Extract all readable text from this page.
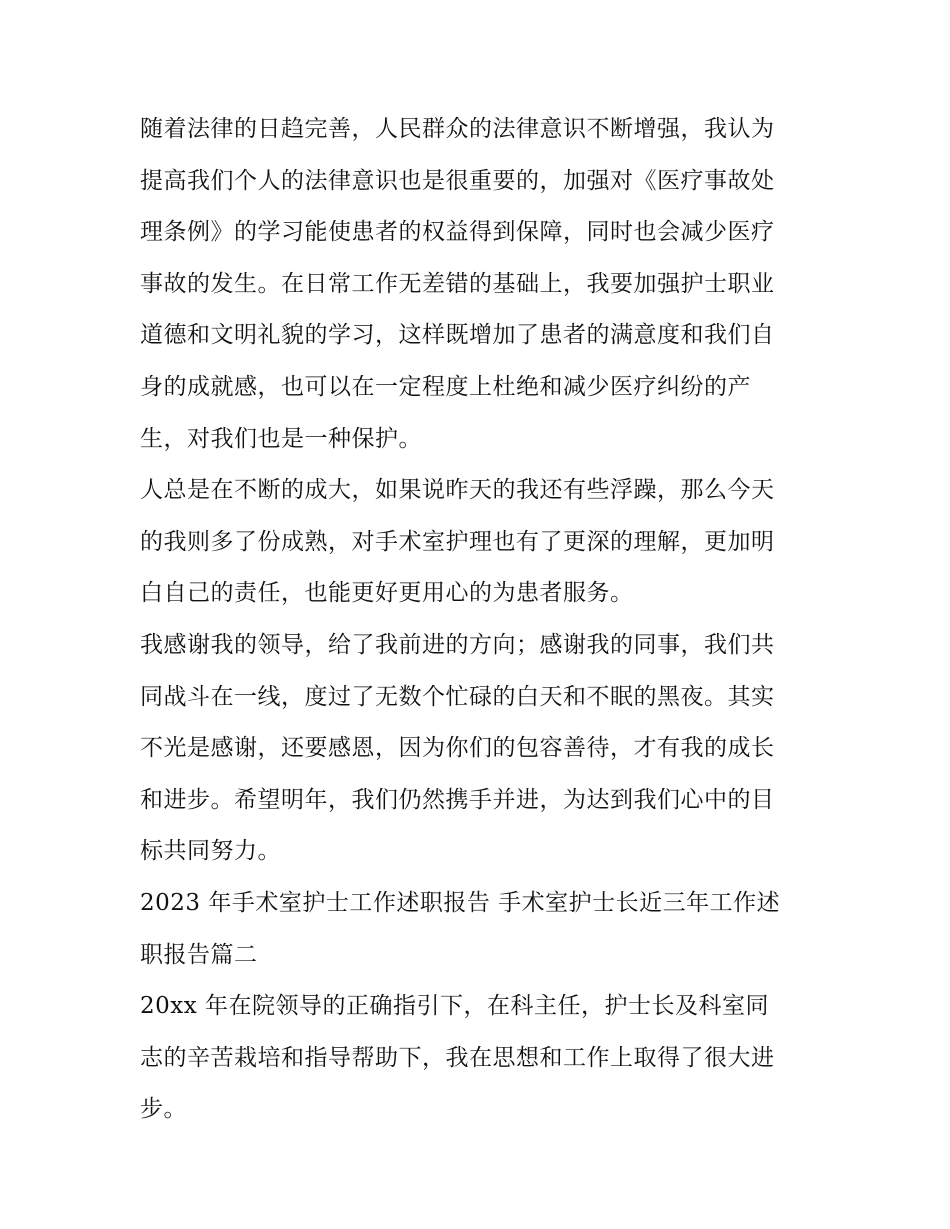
随着法律的日趋完善，人民群众的法律意识不断增强，我认为
提高我们个人的法律意识也是很重要的，加强对《医疗事故处
理条例》的学习能使患者的权益得到保障，同时也会减少医疗
事故的发生。在日常工作无差错的基础上，我要加强护士职业
道德和文明礼貌的学习，这样既增加了患者的满意度和我们自
身的成就感，也可以在一定程度上杜绝和减少医疗纠纷的产
生，对我们也是一种保护。
人总是在不断的成大，如果说昨天的我还有些浮躁，那么今天
的我则多了份成熟，对手术室护理也有了更深的理解，更加明
白自己的责任，也能更好更用心的为患者服务。
我感谢我的领导，给了我前进的方向；感谢我的同事，我们共
同战斗在一线，度过了无数个忙碌的白天和不眠的黑夜。其实
不光是感谢，还要感恩，因为你们的包容善待，才有我的成长
和进步。希望明年，我们仍然携手并进，为达到我们心中的目
标共同努力。
2023 年手术室护士工作述职报告 手术室护士长近三年工作述
职报告篇二
20xx 年在院领导的正确指引下，在科主任，护士长及科室同
志的辛苦栽培和指导帮助下，我在思想和工作上取得了很大进
步。
